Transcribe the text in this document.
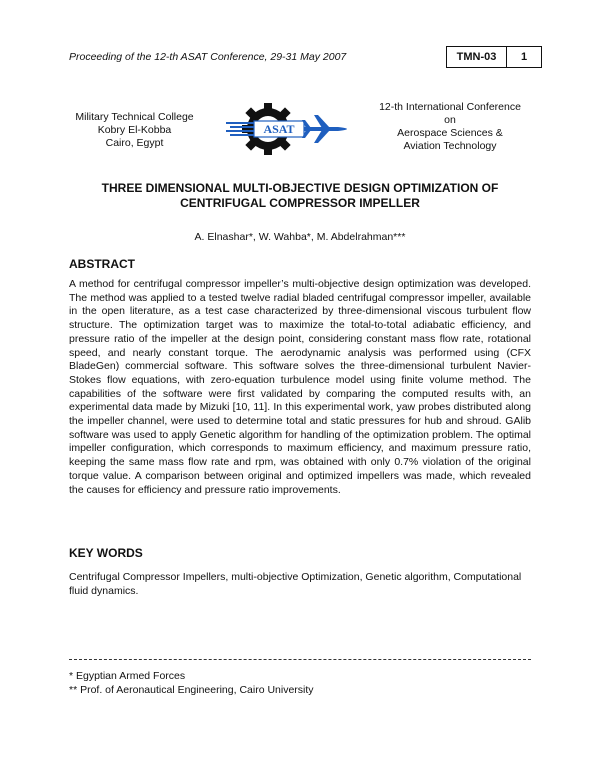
Proceeding of the 12-th ASAT Conference, 29-31 May 2007	TMN-03	1
Military Technical College
Kobry El-Kobba
Cairo, Egypt
ASAT
12-th International Conference
on
Aerospace Sciences &
Aviation Technology
THREE DIMENSIONAL MULTI-OBJECTIVE DESIGN OPTIMIZATION OF
CENTRIFUGAL COMPRESSOR IMPELLER
A. Elnashar*, W. Wahba*, M. Abdelrahman***
ABSTRACT
A method for centrifugal compressor impeller’s multi-objective design optimization was developed. The method was applied to a tested twelve radial bladed centrifugal compressor impeller, available in the open literature, as a test case characterized by three-dimensional viscous turbulent flow structure. The optimization target was to maximize the total-to-total adiabatic efficiency, and pressure ratio of the impeller at the design point, considering constant mass flow rate, rotational speed, and nearly constant torque. The aerodynamic analysis was performed using (CFX BladeGen) commercial software. This software solves the three-dimensional turbulent Navier-Stokes flow equations, with zero-equation turbulence model using finite volume method. The capabilities of the software were first validated by comparing the computed results with, an experimental data made by Mizuki [10, 11]. In this experimental work, yaw probes distributed along the impeller channel, were used to determine total and static pressures for hub and shroud. GAlib software was used to apply Genetic algorithm for handling of the optimization problem. The optimal impeller configuration, which corresponds to maximum efficiency, and maximum pressure ratio, keeping the same mass flow rate and rpm, was obtained with only 0.7% violation of the original torque value. A comparison between original and optimized impellers was made, which revealed the causes for efficiency and pressure ratio improvements.
KEY WORDS
Centrifugal Compressor Impellers, multi-objective Optimization, Genetic algorithm, Computational fluid dynamics.
* Egyptian Armed Forces
** Prof. of Aeronautical Engineering, Cairo University
